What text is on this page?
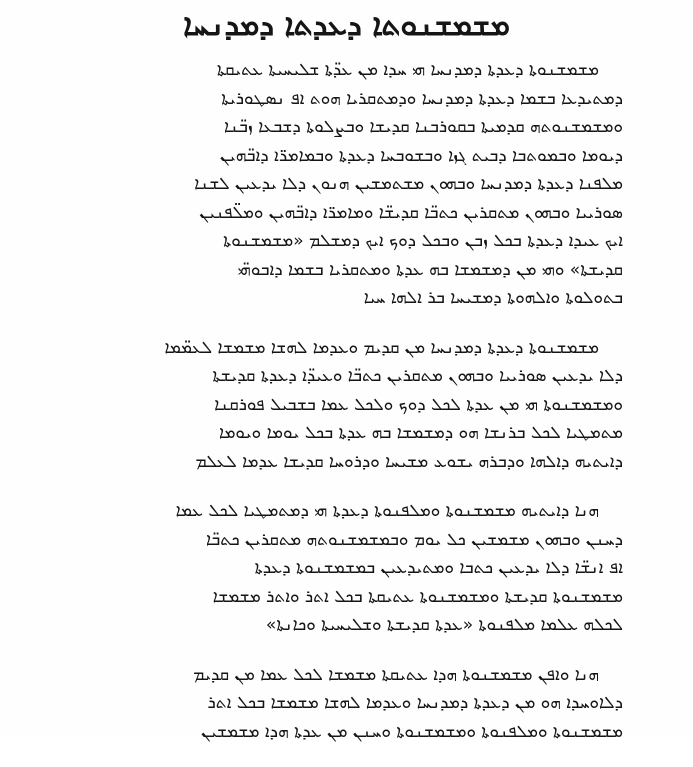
ܡܫܡܫܢܘܬܐ ܕܥܕܬܐ ܕܡܕܢܚܐ

ܡܫܡܫܢܘܬܐ ܕܥܕܬܐ ܕܡܕܢܚܐ ܗܝ ܚܕܐ ܡܢ ܥܕ̈ܬܐ ܫܠܝܚܝܬܐ ܥܬܝܩܬܐ
ܕܡܬܝܕܥܐ ܒܫܡܐ ܕܥܕܬܐ ܕܡܕܢܚܐ ܘܕܡܬܩܪܝܐ ܗܘܬ ܐܦ ܢܣܛܘܪܝܬܐ
ܘܡܫܡܫܢܘܬܗ ܩܕܡܝܬܐ ܒܩܘܪܒܢܐ ܩܕܝܫܐ ܘܒܨܠܘܬܐ ܕܫܒܥܐ ܙܒ̈ܢܐ
ܕܝܘܡܐ ܘܒܡܘܬܒܐ ܕܒܝܬ ܓܙܐ ܘܒܫܘܒܚܐ ܕܥܕܬܐ ܘܒܡܐܡܪ̈ܐ ܕܐܒ̈ܗܝܢ
ܡܠܦܢܐ ܕܥܕܬܐ ܕܡܕܢܚܐ ܘܒܗܘܢ ܡܫܬܡܫܝܢ ܗܢܘܢ ܕܠܐ ܝܕܥܝܢ ܠܫܢܐ
ܣܘܪܝܝܐ ܘܒܗܘܢ ܡܬܩܪܝܢ ܟܬܒ̈ܐ ܩܕܝܫ̈ܐ ܘܡܐܡܪ̈ܐ ܕܐܒ̈ܗܝܢ ܘܡܠ̈ܦܢܝܢ
ܐܝܟ ܥܝܕܐ ܕܥܕܬܐ ܒܟܠ ܙܒܢ ܘܒܟܠ ܕܘܟ ܐܝܟ ܕܡܫܠܡ «ܡܫܡܫܢܘܬܐ
ܩܕܝܫܬܐ» ܘܗܝ ܡܢ ܕܡܫܡܫܐ ܒܗ ܥܕܬܐ ܘܡܬܩܪܝܐ ܒܫܡܐ ܕܐܒܘܗ̈ܝ
ܒܬܘܠܘܬܐ ܘܐܠܗܘܬܐ ܕܡܫܝܚܐ ܒܪ ܐܠܗܐ ܚܝܐ

ܡܫܡܫܢܘܬܐ ܕܥܕܬܐ ܕܡܕܢܚܐ ܡܢ ܩܕܝܡ ܘܥܕܡܐ ܠܗܫܐ ܡܫܡܫܐ ܠܥܡ̈ܡܐ
ܕܠܐ ܝܕܥܝܢ ܣܘܪܝܝܐ ܘܒܗܘܢ ܡܬܩܪܝܢ ܟܬܒ̈ܐ ܘܥܝܕ̈ܐ ܕܥܕܬܐ ܩܕܝܫܬܐ
ܘܡܫܡܫܢܘܬܐ ܗܝ ܡܢ ܥܕܬܐ ܠܟܠ ܕܘܟ ܘܠܟܠ ܥܡܐ ܒܫܒܝܠ ܦܘܪܩܢܐ
ܡܬܡܛܝܐ ܠܟܠ ܒܪܢܫܐ ܗܘ ܕܡܫܡܫܐ ܒܗ ܥܕܬܐ ܒܟܠ ܝܘܡܐ ܘܝܘܡܐ
ܕܐܝܬܝܗ ܕܐܠܗܐ ܘܕܒܪܗ ܝܫܘܥ ܡܫܝܚܐ ܘܕܪܘܚܐ ܩܕܝܫܐ ܥܕܡܐ ܠܥܠܡ

ܗܢܐ ܕܐܝܬܝܗ ܡܫܡܫܢܘܬܐ ܘܡܠܦܢܘܬܐ ܕܥܕܬܐ ܗܝ ܕܡܬܡܛܝܐ ܠܟܠ ܥܡܐ
ܕܚܢܢ ܘܒܗܘܢ ܡܫܡܫܝܢ ܟܠ ܝܘܡ ܘܒܡܫܡܫܢܘܬܗ ܡܬܩܪܝܢ ܟܬܒ̈ܐ
ܐܦ ܐܢܫ̈ܐ ܕܠܐ ܝܕܥܝܢ ܟܬܒܐ ܘܡܬܝܕܥܝܢ ܒܡܫܡܫܢܘܬܐ ܕܥܕܬܐ
ܡܫܡܫܢܘܬܐ ܩܕܝܫܬܐ ܘܡܫܡܫܢܘܬܐ ܥܬܝܩܬܐ ܒܟܠ ܐܬܪ ܘܐܬܪ ܡܫܡܫܐ
ܠܟܠܗ ܥܠܡܐ ܡܠܦܢܘܬܐ «ܥܕܬܐ ܩܕܝܫܬܐ ܘܫܠܝܚܝܬܐ ܘܟܐܢܬܐ»

ܗܢܐ ܘܐܦܢ ܡܫܡܫܢܘܬܐ ܗܕܐ ܥܬܝܩܬܐ ܡܫܡܫܐ ܠܟܠ ܥܡܐ ܡܢ ܩܕܝܡ
ܕܠܐܘܚܕܐ ܗܘ ܡܢ ܕܥܕܬܐ ܕܡܕܢܚܐ ܘܥܕܡܐ ܠܗܫܐ ܡܫܡܫܐ ܒܟܠ ܐܬܪ
ܡܫܡܫܢܘܬܐ ܘܡܠܦܢܘܬܐ ܘܡܫܡܫܢܘܬܐ ܘܚܢܢ ܡܢ ܥܕܬܐ ܗܕܐ ܡܫܡܫܝܢ
